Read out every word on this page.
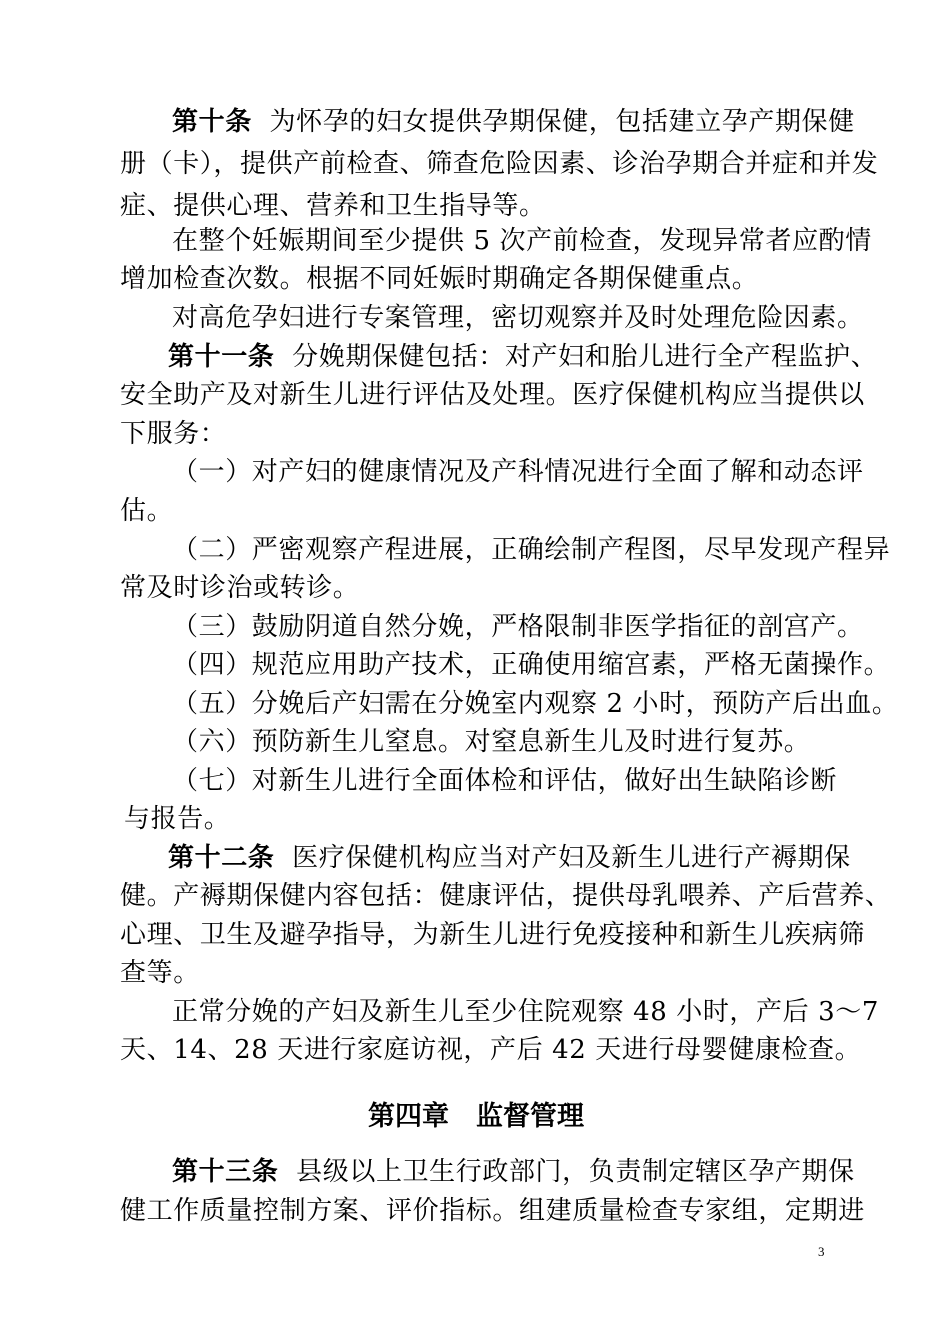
第十条 为怀孕的妇女提供孕期保健，包括建立孕产期保健
册（卡），提供产前检查、筛查危险因素、诊治孕期合并症和并发
症、提供心理、营养和卫生指导等。
在整个妊娠期间至少提供 5 次产前检查，发现异常者应酌情
增加检查次数。根据不同妊娠时期确定各期保健重点。
对高危孕妇进行专案管理，密切观察并及时处理危险因素。
第十一条 分娩期保健包括：对产妇和胎儿进行全产程监护、
安全助产及对新生儿进行评估及处理。医疗保健机构应当提供以
下服务：
（一）对产妇的健康情况及产科情况进行全面了解和动态评
估。
（二）严密观察产程进展，正确绘制产程图，尽早发现产程异
常及时诊治或转诊。
（三）鼓励阴道自然分娩，严格限制非医学指征的剖宫产。
（四）规范应用助产技术，正确使用缩宫素，严格无菌操作。
（五）分娩后产妇需在分娩室内观察 2 小时，预防产后出血。
（六）预防新生儿窒息。对窒息新生儿及时进行复苏。
（七）对新生儿进行全面体检和评估，做好出生缺陷诊断
与报告。
第十二条 医疗保健机构应当对产妇及新生儿进行产褥期保
健。产褥期保健内容包括：健康评估，提供母乳喂养、产后营养、
心理、卫生及避孕指导，为新生儿进行免疫接种和新生儿疾病筛
查等。
正常分娩的产妇及新生儿至少住院观察 48 小时，产后 3～7
天、14、28 天进行家庭访视，产后 42 天进行母婴健康检查。
第四章　监督管理
第十三条 县级以上卫生行政部门，负责制定辖区孕产期保
健工作质量控制方案、评价指标。组建质量检查专家组，定期进
3
